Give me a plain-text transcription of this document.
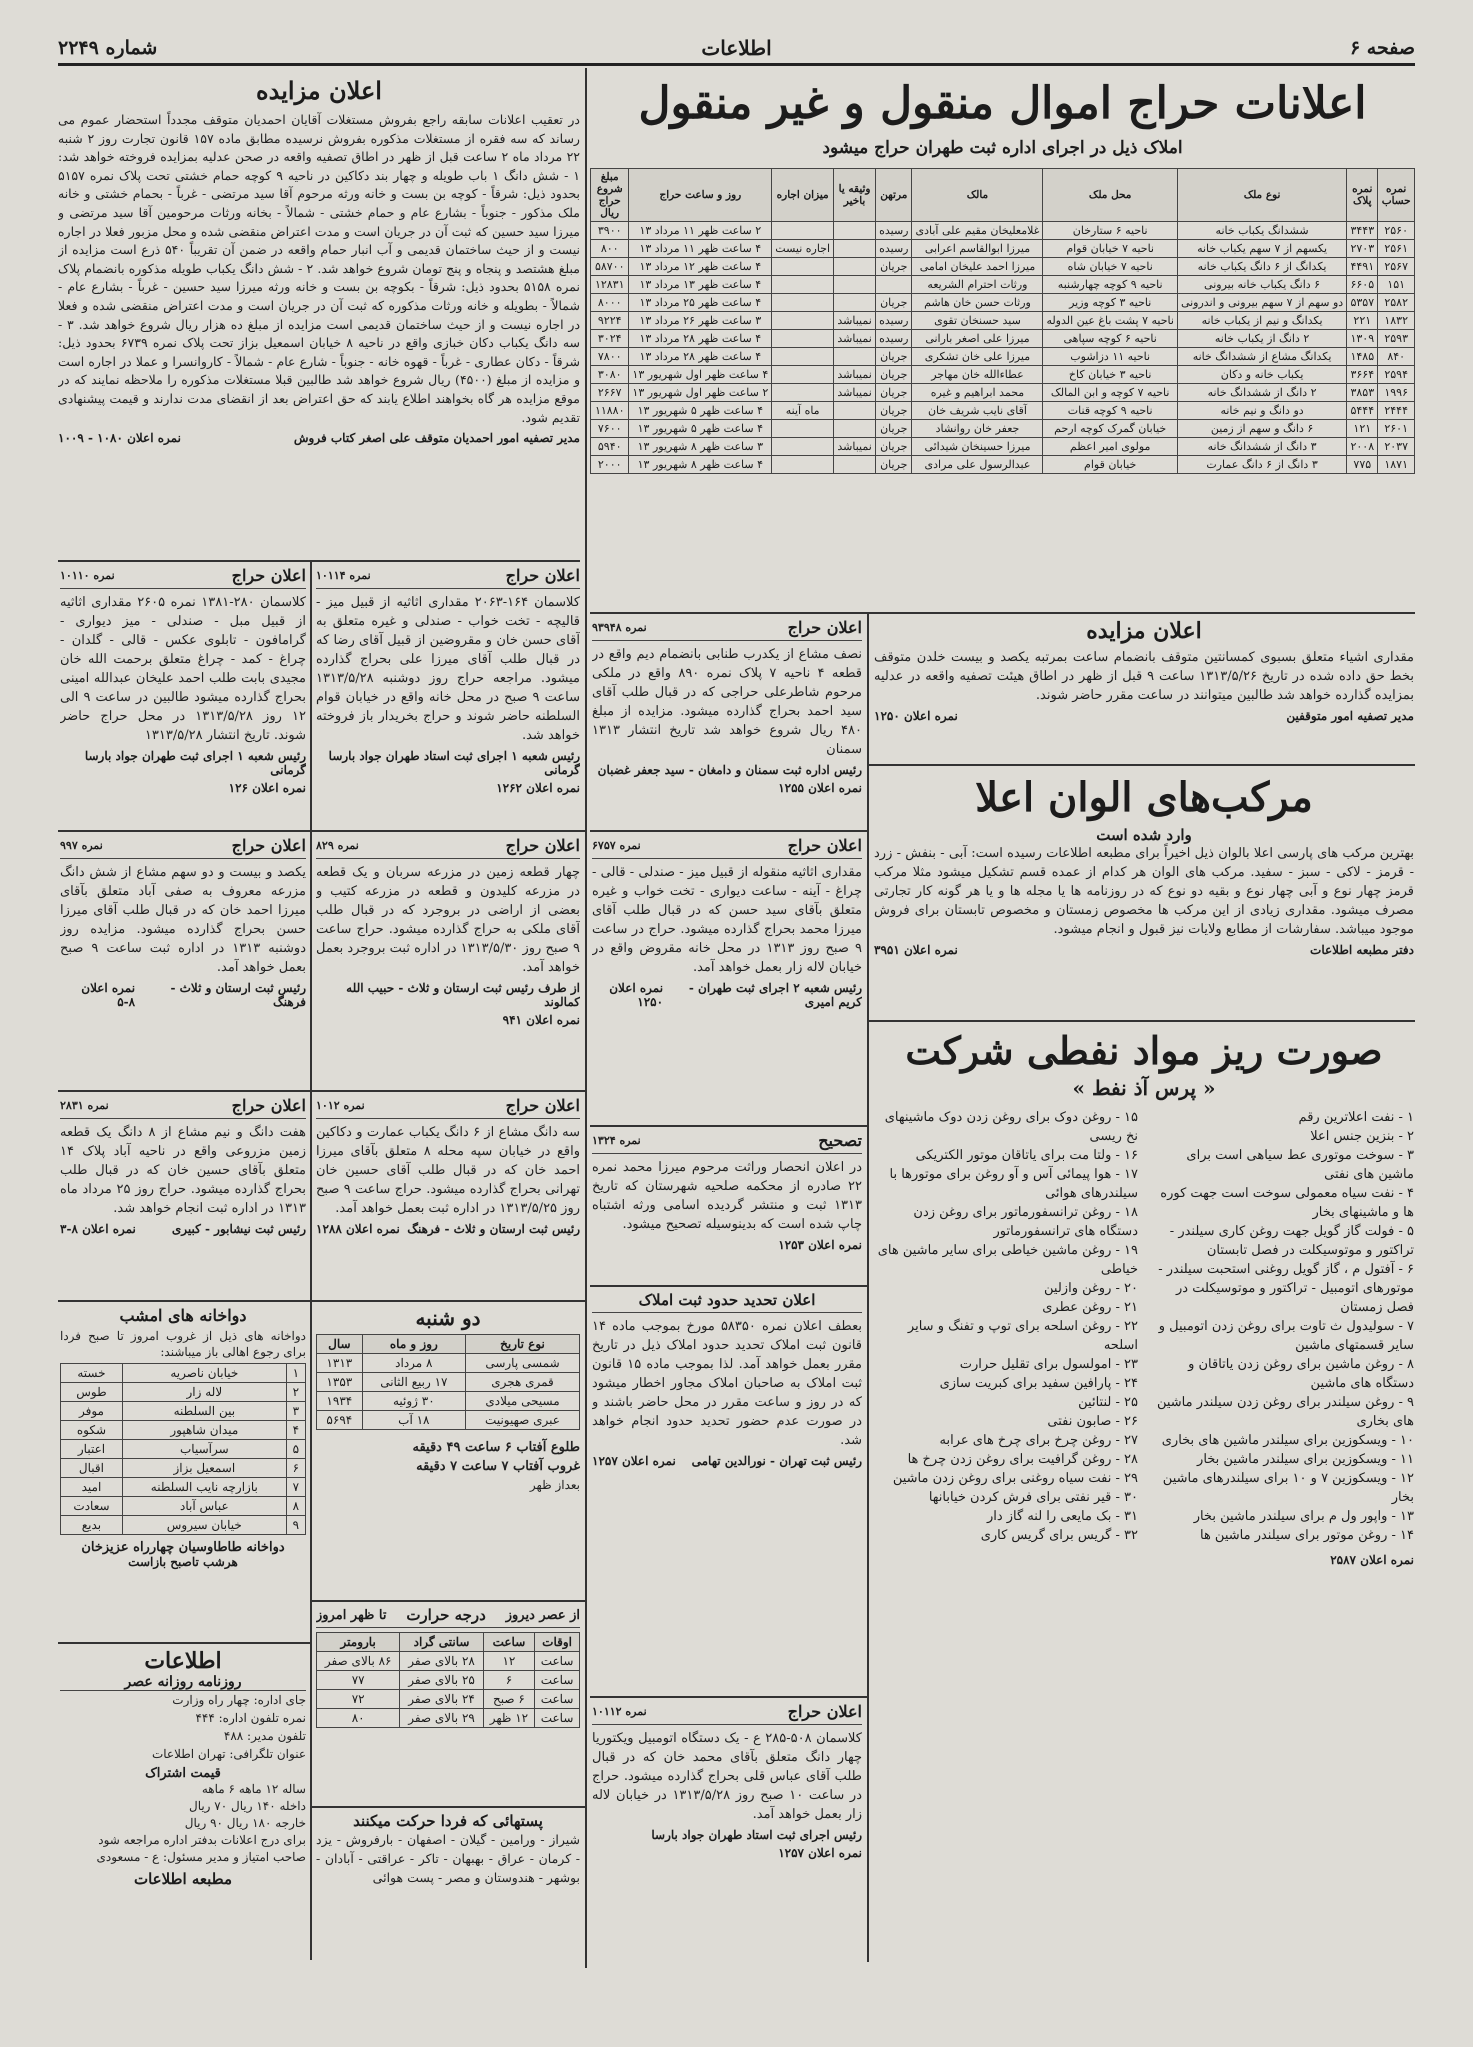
صفحه ۶
اطلاعات
شماره ۲۲۴۹
اعلانات حراج اموال منقول و غیر منقول
املاک ذیل در اجرای اداره ثبت طهران حراج میشود
نمره حساب	نمره پلاک	نوع ملک	محل ملک	مالک	مرتهن	وثیقه یا باخیر	میزان اجاره	روز و ساعت حراج	مبلغ شروع حراج ریال
۲۵۶۰	۳۴۴۳	ششدانگ یکباب خانه	ناحیه ۶ ستارخان	غلامعلیخان مقیم علی آبادی	رسیده			۲ ساعت ظهر ۱۱ مرداد ۱۳	۳۹۰۰
۲۵۶۱	۲۷۰۳	یکسهم از ۷ سهم یکباب خانه	ناحیه ۷ خیابان قوام	میرزا ابوالقاسم اعرابی	رسیده		اجاره نیست	۴ ساعت ظهر ۱۱ مرداد ۱۳	۸۰۰
۲۵۶۷	۴۴۹۱	یکدانگ از ۶ دانگ یکباب خانه	ناحیه ۷ خیابان شاه	میرزا احمد علیخان امامی	جریان			۴ ساعت ظهر ۱۲ مرداد ۱۳	۵۸۷۰۰
۱۵۱	۶۶۰۵	۶ دانگ یکباب خانه بیرونی	ناحیه ۹ کوچه چهارشنبه	ورثات احترام الشریعه				۴ ساعت ظهر ۱۳ مرداد ۱۳	۱۲۸۳۱
۲۵۸۲	۵۳۵۷	دو سهم از ۷ سهم بیرونی و اندرونی	ناحیه ۳ کوچه وزیر	ورثات حسن خان هاشم	جریان			۴ ساعت ظهر ۲۵ مرداد ۱۳	۸۰۰۰
۱۸۳۲	۲۲۱	یکدانگ و نیم از یکباب خانه	ناحیه ۷ پشت باغ عین الدوله	سید حسنخان تقوی	رسیده	نمیباشد		۳ ساعت ظهر ۲۶ مرداد ۱۳	۹۲۲۴
۲۵۹۳	۱۳۰۹	۲ دانگ از یکباب خانه	ناحیه ۶ کوچه سپاهی	میرزا علی اصغر بارانی	رسیده	نمیباشد		۴ ساعت ظهر ۲۸ مرداد ۱۳	۳۰۲۴
۸۴۰	۱۴۸۵	یکدانگ مشاع از ششدانگ خانه	ناحیه ۱۱ دزاشوب	میرزا علی خان تشکری	جریان			۴ ساعت ظهر ۲۸ مرداد ۱۳	۷۸۰۰
۲۵۹۴	۳۶۶۴	یکباب خانه و دکان	ناحیه ۳ خیابان کاخ	عطاءالله خان مهاجر	جریان	نمیباشد		۴ ساعت ظهر اول شهریور ۱۳	۳۰۸۰
۱۹۹۶	۳۸۵۳	۲ دانگ از ششدانگ خانه	ناحیه ۷ کوچه و ابن المالک	محمد ابراهیم و غیره	جریان	نمیباشد		۲ ساعت ظهر اول شهریور ۱۳	۲۶۶۷
۲۴۴۴	۵۴۴۴	دو دانگ و نیم خانه	ناحیه ۹ کوچه قنات	آقای نایب شریف خان	جریان		ماه آینه	۴ ساعت ظهر ۵ شهریور ۱۳	۱۱۸۸۰
۲۶۰۱	۱۲۱	۶ دانگ و سهم از زمین	خیابان گمرک کوچه ارحم	جعفر خان روانشاد	جریان			۴ ساعت ظهر ۵ شهریور ۱۳	۷۶۰۰
۲۰۳۷	۲۰۰۸	۳ دانگ از ششدانگ خانه	مولوی امیر اعظم	میرزا حسینخان شیدائی	جریان	نمیباشد		۳ ساعت ظهر ۸ شهریور ۱۳	۵۹۴۰
۱۸۷۱	۷۷۵	۳ دانگ از ۶ دانگ عمارت	خیابان قوام	عبدالرسول علی مرادی	جریان			۴ ساعت ظهر ۸ شهریور ۱۳	۲۰۰۰
اعلان مزایده
در تعقیب اعلانات سابقه راجع بفروش مستغلات آقایان احمدیان متوقف مجدداً استحضار عموم می رساند که سه فقره از مستغلات مذکوره بفروش نرسیده مطابق ماده ۱۵۷ قانون تجارت روز ۲ شنبه ۲۲ مرداد ماه ۲ ساعت قبل از ظهر در اطاق تصفیه واقعه در صحن عدلیه بمزایده فروخته خواهد شد: ۱ - شش دانگ ۱ باب طویله و چهار بند دکاکین در ناحیه ۹ کوچه حمام خشتی تحت پلاک نمره ۵۱۵۷ بحدود ذیل: شرقاً - کوچه بن بست و خانه ورثه مرحوم آقا سید مرتضی - غرباً - بحمام خشتی و خانه ملک مذکور - جنوباً - بشارع عام و حمام خشتی - شمالاً - بخانه ورثات مرحومین آقا سید مرتضی و میرزا سید حسین که ثبت آن در جریان است و مدت اعتراض منقضی شده و محل مزبور فعلا در اجاره نیست و از حیث ساختمان قدیمی و آب انبار حمام واقعه در ضمن آن تقریباً ۵۴۰ ذرع است مزایده از مبلغ هشتصد و پنجاه و پنج تومان شروع خواهد شد. ۲ - شش دانگ یکباب طویله مذکوره بانضمام پلاک نمره ۵۱۵۸ بحدود ذیل: شرقاً - بکوچه بن بست و خانه ورثه میرزا سید حسین - غرباً - بشارع عام - شمالاً - بطویله و خانه ورثات مذکوره که ثبت آن در جریان است و مدت اعتراض منقضی شده و فعلا در اجاره نیست و از حیث ساختمان قدیمی است مزایده از مبلغ ده هزار ریال شروع خواهد شد. ۳ - سه دانگ یکباب دکان خبازی واقع در ناحیه ۸ خیابان اسمعیل بزاز تحت پلاک نمره ۶۷۳۹ بحدود ذیل: شرقاً - دکان عطاری - غرباً - قهوه خانه - جنوباً - شارع عام - شمالاً - کاروانسرا و عملا در اجاره است و مزایده از مبلغ (۴۵۰۰) ریال شروع خواهد شد طالبین قبلا مستغلات مذکوره را ملاحظه نمایند که در موقع مزایده هر گاه بخواهند اطلاع یابند که حق اعتراض بعد از انقضای مدت ندارند و قیمت پیشنهادی تقدیم شود.
مدیر تصفیه امور احمدیان متوقف علی اصغر کتاب فروش
نمره اعلان ۱۰۸۰ - ۱۰۰۹
اعلان حراج
نمره ۱۰۱۱۰
کلاسمان ۲۸۰-۱۳۸۱ نمره ۲۶۰۵ مقداری اثاثیه از قبیل مبل - صندلی - میز دیواری - گرامافون - تابلوی عکس - قالی - گلدان - چراغ - کمد - چراغ متعلق برحمت الله خان مجیدی بابت طلب احمد علیخان عبدالله امینی بحراج گذارده میشود طالبین در ساعت ۹ الی ۱۲ روز ۱۳۱۳/۵/۲۸ در محل حراج حاضر شوند. تاریخ انتشار ۱۳۱۳/۵/۲۸
رئیس شعبه ۱ اجرای ثبت طهران جواد بارسا گرمانی
نمره اعلان ۱۲۶
اعلان حراج
نمره ۹۹۷
یکصد و بیست و دو سهم مشاع از شش دانگ مزرعه معروف به صفی آباد متعلق بآقای میرزا احمد خان که در قبال طلب آقای میرزا حسن بحراج گذارده میشود. مزایده روز دوشنبه ۱۳۱۳ در اداره ثبت ساعت ۹ صبح بعمل خواهد آمد.
رئیس ثبت ارستان و ثلاث - فرهنگ
نمره اعلان ۸-۵
اعلان حراج
نمره ۲۸۳۱
هفت دانگ و نیم مشاع از ۸ دانگ یک قطعه زمین مزروعی واقع در ناحیه آباد پلاک ۱۴ متعلق بآقای حسین خان که در قبال طلب بحراج گذارده میشود. حراج روز ۲۵ مرداد ماه ۱۳۱۳ در اداره ثبت انجام خواهد شد.
رئیس ثبت نیشابور - کبیری
نمره اعلان ۸-۳
دواخانه های امشب
دواخانه های ذیل از غروب امروز تا صبح فردا برای رجوع اهالی باز میباشند:
۱	خیابان ناصریه	خسته
۲	لاله زار	طوس
۳	بین السلطنه	موفر
۴	میدان شاهپور	شکوه
۵	سرآسیاب	اعتبار
۶	اسمعیل بزاز	اقبال
۷	بازارچه نایب السلطنه	امید
۸	عباس آباد	سعادت
۹	خیابان سیروس	بدیع
دواخانه طاطاوسیان چهارراه عزیزخان
هرشب تاصبح بازاست
اطلاعات
روزنامه روزانه عصر
جای اداره: چهار راه وزارت
نمره تلفون اداره: ۴۴۴
تلفون مدیر: ۴۸۸
عنوان تلگرافی: تهران اطلاعات
قیمت اشتراک
ساله ۱۲ ماهه ۶ ماهه
داخله ۱۴۰ ریال ۷۰ ریال
خارجه ۱۸۰ ریال ۹۰ ریال
برای درج اعلانات بدفتر اداره مراجعه شود
صاحب امتیاز و مدیر مسئول: ع - مسعودی
مطبعه اطلاعات
اعلان حراج
نمره ۱۰۱۱۴
کلاسمان ۱۶۴-۲۰۶۳ مقداری اثاثیه از قبیل میز - قالیچه - تخت خواب - صندلی و غیره متعلق به آقای حسن خان و مقروضین از قبیل آقای رضا که در قبال طلب آقای میرزا علی بحراج گذارده میشود. مراجعه حراج روز دوشنبه ۱۳۱۳/۵/۲۸ ساعت ۹ صبح در محل خانه واقع در خیابان قوام السلطنه حاضر شوند و حراج بخریدار باز فروخته خواهد شد.
رئیس شعبه ۱ اجرای ثبت استاد طهران جواد بارسا گرمانی
نمره اعلان ۱۲۶۲
اعلان حراج
نمره ۸۲۹
چهار قطعه زمین در مزرعه سربان و یک قطعه در مزرعه کلیدون و قطعه در مزرعه کتیب و بعضی از اراضی در بروجرد که در قبال طلب آقای ملکی به حراج گذارده میشود. حراج ساعت ۹ صبح روز ۱۳۱۳/۵/۳۰ در اداره ثبت بروجرد بعمل خواهد آمد.
از طرف رئیس ثبت ارستان و ثلاث - حبیب الله کمالوند
نمره اعلان ۹۴۱
اعلان حراج
نمره ۱۰۱۲
سه دانگ مشاع از ۶ دانگ یکباب عمارت و دکاکین واقع در خیابان سپه محله ۸ متعلق بآقای میرزا احمد خان که در قبال طلب آقای حسین خان تهرانی بحراج گذارده میشود. حراج ساعت ۹ صبح روز ۱۳۱۳/۵/۲۵ در اداره ثبت بعمل خواهد آمد.
رئیس ثبت ارستان و ثلاث - فرهنگ
نمره اعلان ۱۲۸۸
دو شنبه
نوع تاریخ	روز و ماه	سال
شمسی پارسی	۸ مرداد	۱۳۱۳
قمری هجری	۱۷ ربیع الثانی	۱۳۵۳
مسیحی میلادی	۳۰ ژوئیه	۱۹۳۴
عبری صهیونیت	۱۸ آب	۵۶۹۴
طلوع آفتاب ۶ ساعت ۴۹ دقیقه
غروب آفتاب ۷ ساعت ۷ دقیقه
بعداز ظهر
از عصر دیروز
درجه حرارت
تا ظهر امروز
اوقات	ساعت	سانتی گراد	بارومتر
ساعت	۱۲	۲۸ بالای صفر	۸۶ بالای صفر
ساعت	۶	۲۵ بالای صفر	۷۷
ساعت	۶ صبح	۲۴ بالای صفر	۷۲
ساعت	۱۲ ظهر	۲۹ بالای صفر	۸۰
پستهائی که فردا حرکت میکنند
شیراز - ورامین - گیلان - اصفهان - بارفروش - یزد - کرمان - عراق - بهبهان - تاکر - عراقتی - آبادان - بوشهر - هندوستان و مصر - پست هوائی
اعلان حراج
نمره ۹۳۹۴۸
نصف مشاع از یکدرب طنابی بانضمام دیم واقع در قطعه ۴ ناحیه ۷ پلاک نمره ۸۹۰ واقع در ملکی مرحوم شاطرعلی حراجی که در قبال طلب آقای سید احمد بحراج گذارده میشود. مزایده از مبلغ ۴۸۰ ریال شروع خواهد شد تاریخ انتشار ۱۳۱۳ سمنان
رئیس اداره ثبت سمنان و دامغان - سید جعفر غضبان
نمره اعلان ۱۲۵۵
اعلان حراج
نمره ۶۷۵۷
مقداری اثاثیه منقوله از قبیل میز - صندلی - قالی - چراغ - آینه - ساعت دیواری - تخت خواب و غیره متعلق بآقای سید حسن که در قبال طلب آقای میرزا محمد بحراج گذارده میشود. حراج در ساعت ۹ صبح روز ۱۳۱۳ در محل خانه مقروض واقع در خیابان لاله زار بعمل خواهد آمد.
رئیس شعبه ۲ اجرای ثبت طهران - کریم امیری
نمره اعلان ۱۲۵۰
تصحیح
نمره ۱۳۲۴
در اعلان انحصار وراثت مرحوم میرزا محمد نمره ۲۲ صادره از محکمه صلحیه شهرستان که تاریخ ۱۳۱۳ ثبت و منتشر گردیده اسامی ورثه اشتباه چاپ شده است که بدینوسیله تصحیح میشود.
نمره اعلان ۱۲۵۳
اعلان تحدید حدود ثبت املاک
بعطف اعلان نمره ۵۸۳۵۰ مورخ بموجب ماده ۱۴ قانون ثبت املاک تحدید حدود املاک ذیل در تاریخ مقرر بعمل خواهد آمد. لذا بموجب ماده ۱۵ قانون ثبت املاک به صاحبان املاک مجاور اخطار میشود که در روز و ساعت مقرر در محل حاضر باشند و در صورت عدم حضور تحدید حدود انجام خواهد شد.
رئیس ثبت تهران - نورالدین تهامی
نمره اعلان ۱۲۵۷
اعلان حراج
نمره ۱۰۱۱۲
کلاسمان ۵۰۸-۲۸۵ ع - یک دستگاه اتومبیل ویکتوریا چهار دانگ متعلق بآقای محمد خان که در قبال طلب آقای عباس قلی بحراج گذارده میشود. حراج در ساعت ۱۰ صبح روز ۱۳۱۳/۵/۲۸ در خیابان لاله زار بعمل خواهد آمد.
رئیس اجرای ثبت استاد طهران جواد بارسا
نمره اعلان ۱۲۵۷
اعلان مزایده
مقداری اشیاء متعلق بسبوی کمسانتین متوقف بانضمام ساعت بمرتبه یکصد و بیست خلدن متوقف بخط حق داده شده در تاریخ ۱۳۱۳/۵/۲۶ ساعت ۹ قبل از ظهر در اطاق هیئت تصفیه واقعه در عدلیه بمزایده گذارده خواهد شد طالبین میتوانند در ساعت مقرر حاضر شوند.
مدیر تصفیه امور متوقفین
نمره اعلان ۱۲۵۰
مرکب‌های الوان اعلا
وارد شده است
بهترین مرکب های پارسی اعلا بالوان ذیل اخیراً برای مطبعه اطلاعات رسیده است: آبی - بنفش - زرد - قرمز - لاکی - سبز - سفید. مرکب های الوان هر کدام از عمده قسم تشکیل میشود مثلا مرکب قرمز چهار نوع و آبی چهار نوع و بقیه دو نوع که در روزنامه ها یا مجله ها و یا هر گونه کار تجارتی مصرف میشود. مقداری زیادی از این مرکب ها مخصوص زمستان و مخصوص تابستان برای فروش موجود میباشد. سفارشات از مطابع ولایات نیز قبول و انجام میشود.
دفتر مطبعه اطلاعات
نمره اعلان ۳۹۵۱
صورت ریز مواد نفطی شرکت
« پرس آذ نفط »
۱ - نفت اعلاترین رقم
۲ - بنزین جنس اعلا
۳ - سوخت موتوری عط سیاهی است برای ماشین های نفتی
۴ - نفت سیاه معمولی سوخت است جهت کوره ها و ماشینهای بخار
۵ - فولت گاز گویل جهت روغن کاری سیلندر - تراکتور و موتوسیکلت در فصل تابستان
۶ - آفتول م ، گاز گویل روغنی استحبت سیلندر - موتورهای اتومبیل - تراکتور و موتوسیکلت در فصل زمستان
۷ - سولیدول ث تاوت برای روغن زدن اتومبیل و سایر قسمتهای ماشین
۸ - روغن ماشین برای روغن زدن یاتاقان و دستگاه های ماشین
۹ - روغن سیلندر برای روغن زدن سیلندر ماشین های بخاری
۱۰ - ویسکوزین برای سیلندر ماشین های بخاری
۱۱ - ویسکوزین برای سیلندر ماشین بخار
۱۲ - ویسکوزین ۷ و ۱۰ برای سیلندرهای ماشین بخار
۱۳ - واپور ول م برای سیلندر ماشین بخار
۱۴ - روغن موتور برای سیلندر ماشین ها
۱۵ - روغن دوک برای روغن زدن دوک ماشینهای نخ ریسی
۱۶ - ولتا مت برای یاتاقان موتور الکتریکی
۱۷ - هوا پیمائی آس و آو روغن برای موتورها با سیلندرهای هوائی
۱۸ - روغن ترانسفورماتور برای روغن زدن دستگاه های ترانسفورماتور
۱۹ - روغن ماشین خیاطی برای سایر ماشین های خیاطی
۲۰ - روغن وازلین
۲۱ - روغن عطری
۲۲ - روغن اسلحه برای توپ و تفنگ و سایر اسلحه
۲۳ - امولسول برای تقلیل حرارت
۲۴ - پارافین سفید برای کبریت سازی
۲۵ - لنتائین
۲۶ - صابون نفتی
۲۷ - روغن چرخ برای چرخ های عرابه
۲۸ - روغن گرافیت برای روغن زدن چرخ ها
۲۹ - نفت سیاه روغنی برای روغن زدن ماشین
۳۰ - قیر نفتی برای فرش کردن خیابانها
۳۱ - بک مایعی را لنه گاز دار
۳۲ - گریس برای گریس کاری
نمره اعلان ۲۵۸۷
